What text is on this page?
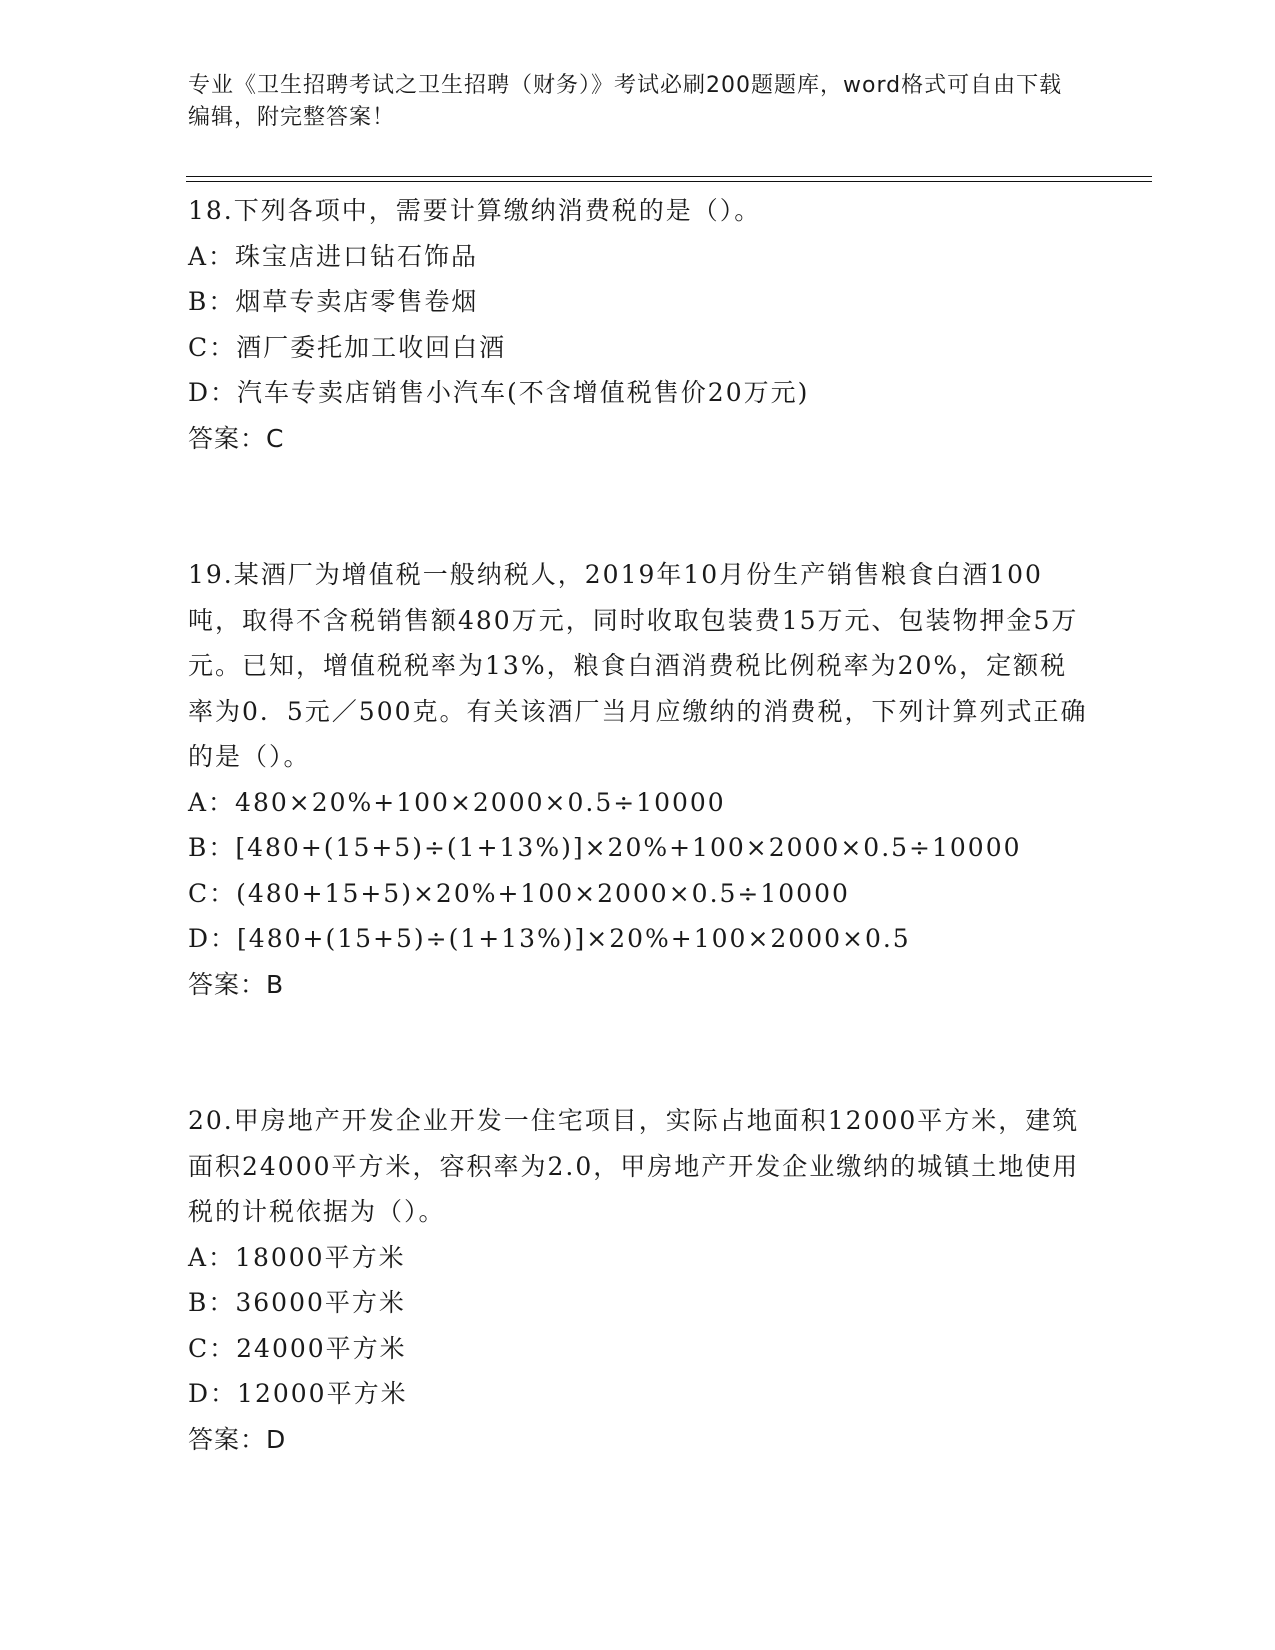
专业《卫生招聘考试之卫生招聘（财务）》考试必刷200题题库，word格式可自由下载编辑，附完整答案！

18.下列各项中，需要计算缴纳消费税的是（）。

A：珠宝店进口钻石饰品

B：烟草专卖店零售卷烟

C：酒厂委托加工收回白酒

D：汽车专卖店销售小汽车(不含增值税售价20万元)

答案：C

19.某酒厂为增值税一般纳税人，2019年10月份生产销售粮食白酒100吨，取得不含税销售额480万元，同时收取包装费15万元、包装物押金5万元。已知，增值税税率为13%，粮食白酒消费税比例税率为20%，定额税率为0．5元／500克。有关该酒厂当月应缴纳的消费税，下列计算列式正确的是（）。

A：480×20%+100×2000×0.5÷10000

B：[480+(15+5)÷(1+13%)]×20%+100×2000×0.5÷10000

C：(480+15+5)×20%+100×2000×0.5÷10000

D：[480+(15+5)÷(1+13%)]×20%+100×2000×0.5

答案：B

20.甲房地产开发企业开发一住宅项目，实际占地面积12000平方米，建筑面积24000平方米，容积率为2.0，甲房地产开发企业缴纳的城镇土地使用税的计税依据为（）。

A：18000平方米

B：36000平方米

C：24000平方米

D：12000平方米

答案：D
